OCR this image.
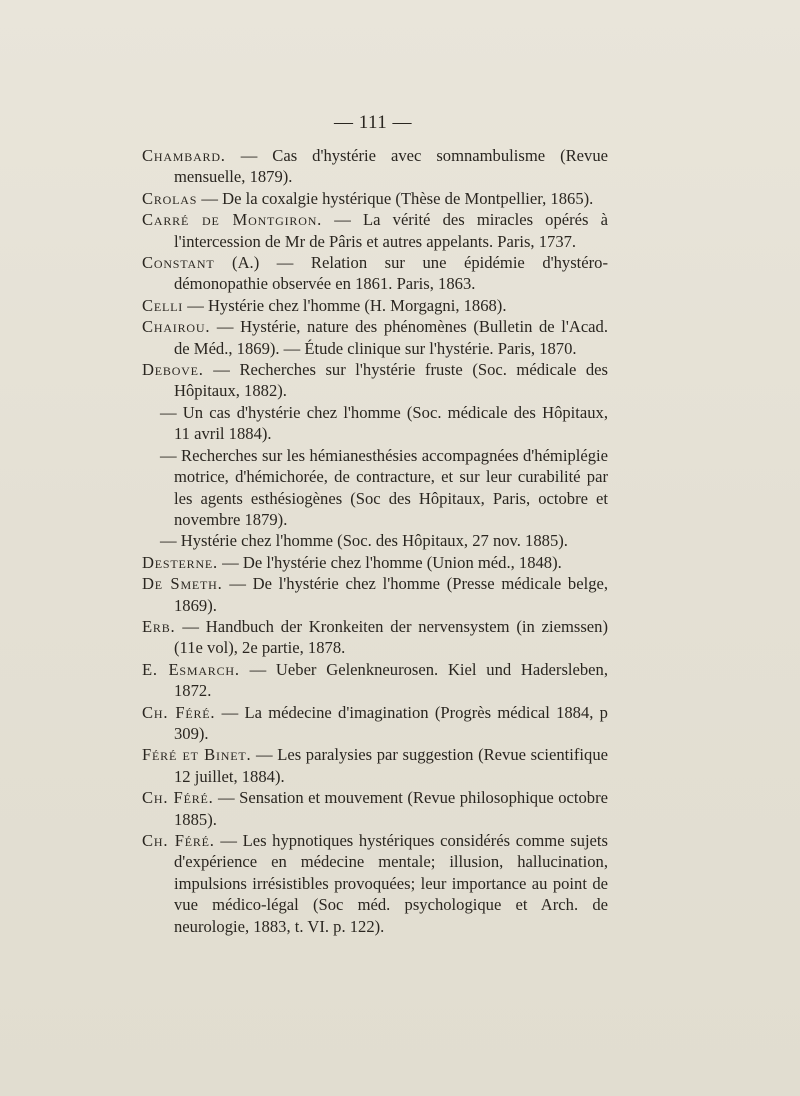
— 111 —

Chambard. — Cas d'hystérie avec somnambulisme (Revue mensuelle, 1879).

Crolas — De la coxalgie hystérique (Thèse de Montpellier, 1865).

Carré de Montgiron. — La vérité des miracles opérés à l'intercession de Mr de Pâris et autres appelants. Paris, 1737.

Constant (A.) — Relation sur une épidémie d'hystéro-démonopathie observée en 1861. Paris, 1863.

Celli — Hystérie chez l'homme (H. Morgagni, 1868).

Chairou. — Hystérie, nature des phénomènes (Bulletin de l'Acad. de Méd., 1869). — Étude clinique sur l'hystérie. Paris, 1870.

Debove. — Recherches sur l'hystérie fruste (Soc. médicale des Hôpitaux, 1882).

— Un cas d'hystérie chez l'homme (Soc. médicale des Hôpitaux, 11 avril 1884).

— Recherches sur les hémianesthésies accompagnées d'hémiplégie motrice, d'hémichorée, de contracture, et sur leur curabilité par les agents esthésiogènes (Soc des Hôpitaux, Paris, octobre et novembre 1879).

— Hystérie chez l'homme (Soc. des Hôpitaux, 27 nov. 1885).

Desterne. — De l'hystérie chez l'homme (Union méd., 1848).

De Smeth. — De l'hystérie chez l'homme (Presse médicale belge, 1869).

Erb. — Handbuch der Kronkeiten der nervensystem (in ziemssen) (11e vol), 2e partie, 1878.

E. Esmarch. — Ueber Gelenkneurosen. Kiel und Hadersleben, 1872.

Ch. Féré. — La médecine d'imagination (Progrès médical 1884, p 309).

Féré et Binet. — Les paralysies par suggestion (Revue scientifique 12 juillet, 1884).

Ch. Féré. — Sensation et mouvement (Revue philosophique octobre 1885).

Ch. Féré. — Les hypnotiques hystériques considérés comme sujets d'expérience en médecine mentale; illusion, hallucination, impulsions irrésistibles provoquées; leur importance au point de vue médico-légal (Soc méd. psychologique et Arch. de neurologie, 1883, t. VI. p. 122).
